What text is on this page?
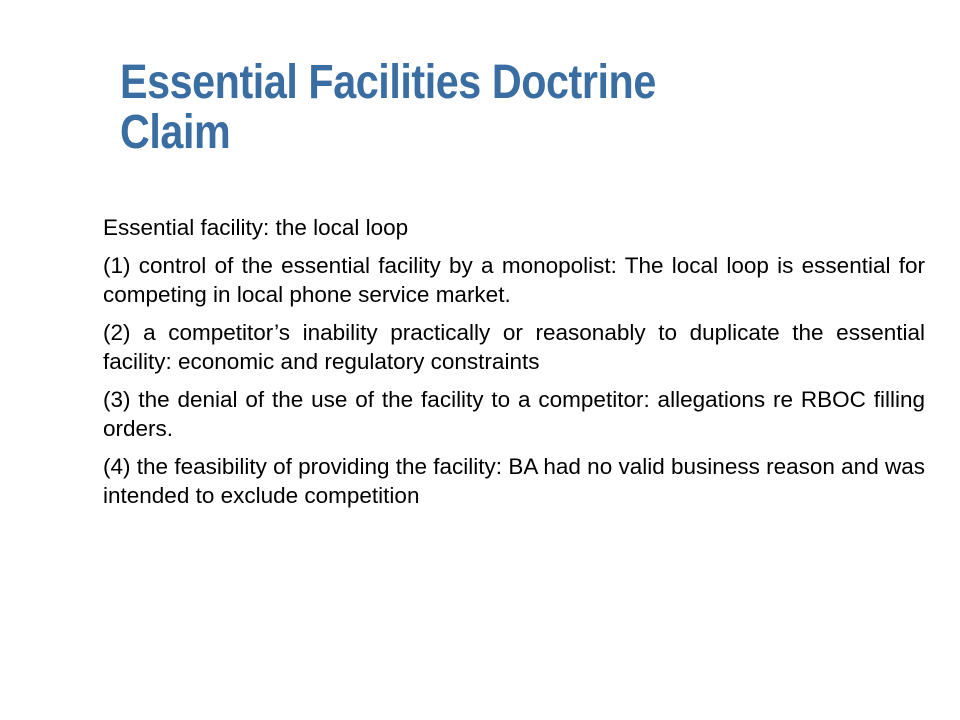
Essential Facilities Doctrine
Claim

Essential facility: the local loop

(1) control of the essential facility by a monopolist: The local loop is essential for competing in local phone service market.

(2) a competitor’s inability practically or reasonably to duplicate the essential facility: economic and regulatory constraints

(3) the denial of the use of the facility to a competitor: allegations re RBOC filling orders.

(4) the feasibility of providing the facility: BA had no valid business reason and was intended to exclude competition
